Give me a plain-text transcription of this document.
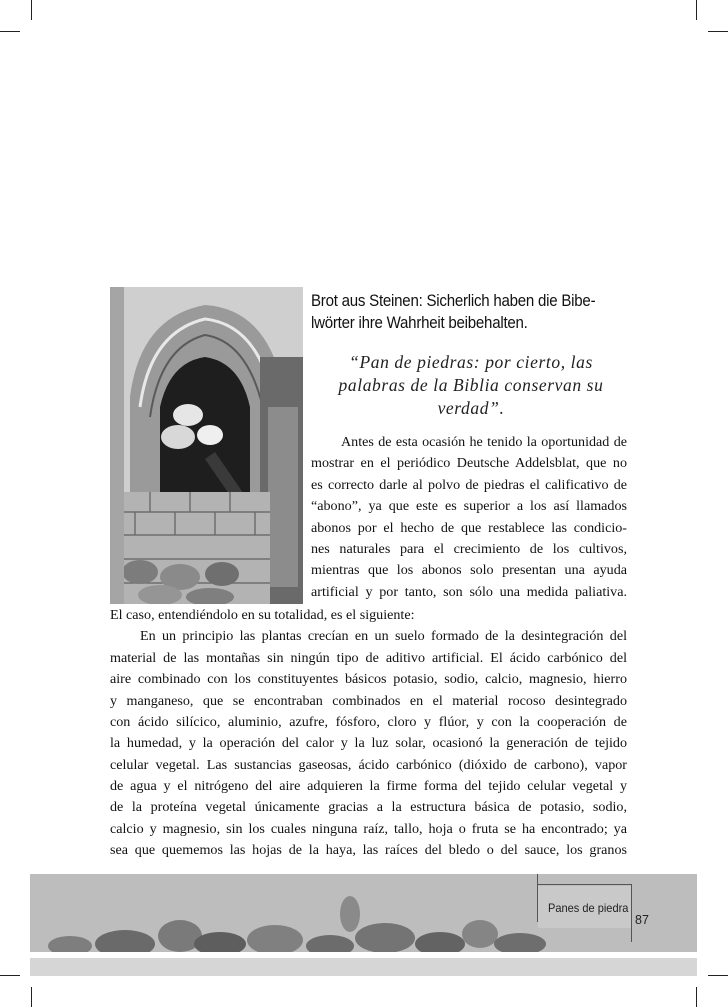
Brot aus Steinen: Sicherlich haben die Bibe-
lwörter ihre Wahrheit beibehalten.
“Pan de piedras: por cierto, las
palabras de la Biblia conservan su
verdad”.
Antes de esta ocasión he tenido la oportunidad de
mostrar en el periódico Deutsche Addelsblat, que no
es correcto darle al polvo de piedras el calificativo de
“abono”, ya que este es superior a los así llamados
abonos por el hecho de que restablece las condicio-
nes naturales para el crecimiento de los cultivos,
mientras que los abonos solo presentan una ayuda
artificial y por tanto, son sólo una medida paliativa.
El caso, entendiéndolo en su totalidad, es el siguiente:
En un principio las plantas crecían en un suelo formado de la desintegración del
material de las montañas sin ningún tipo de aditivo artificial. El ácido carbónico del
aire combinado con los constituyentes básicos potasio, sodio, calcio, magnesio, hierro
y manganeso, que se encontraban combinados en el material rocoso desintegrado
con ácido silícico, aluminio, azufre, fósforo, cloro y flúor, y con la cooperación de
la humedad, y la operación del calor y la luz solar, ocasionó la generación de tejido
celular vegetal. Las sustancias gaseosas, ácido carbónico (dióxido de carbono), vapor
de agua y el nitrógeno del aire adquieren la firme forma del tejido celular vegetal y
de la proteína vegetal únicamente gracias a la estructura básica de potasio, sodio,
calcio y magnesio, sin los cuales ninguna raíz, tallo, hoja o fruta se ha encontrado; ya
sea que quememos las hojas de la haya, las raíces del bledo o del sauce, los granos
Panes de piedra
87
